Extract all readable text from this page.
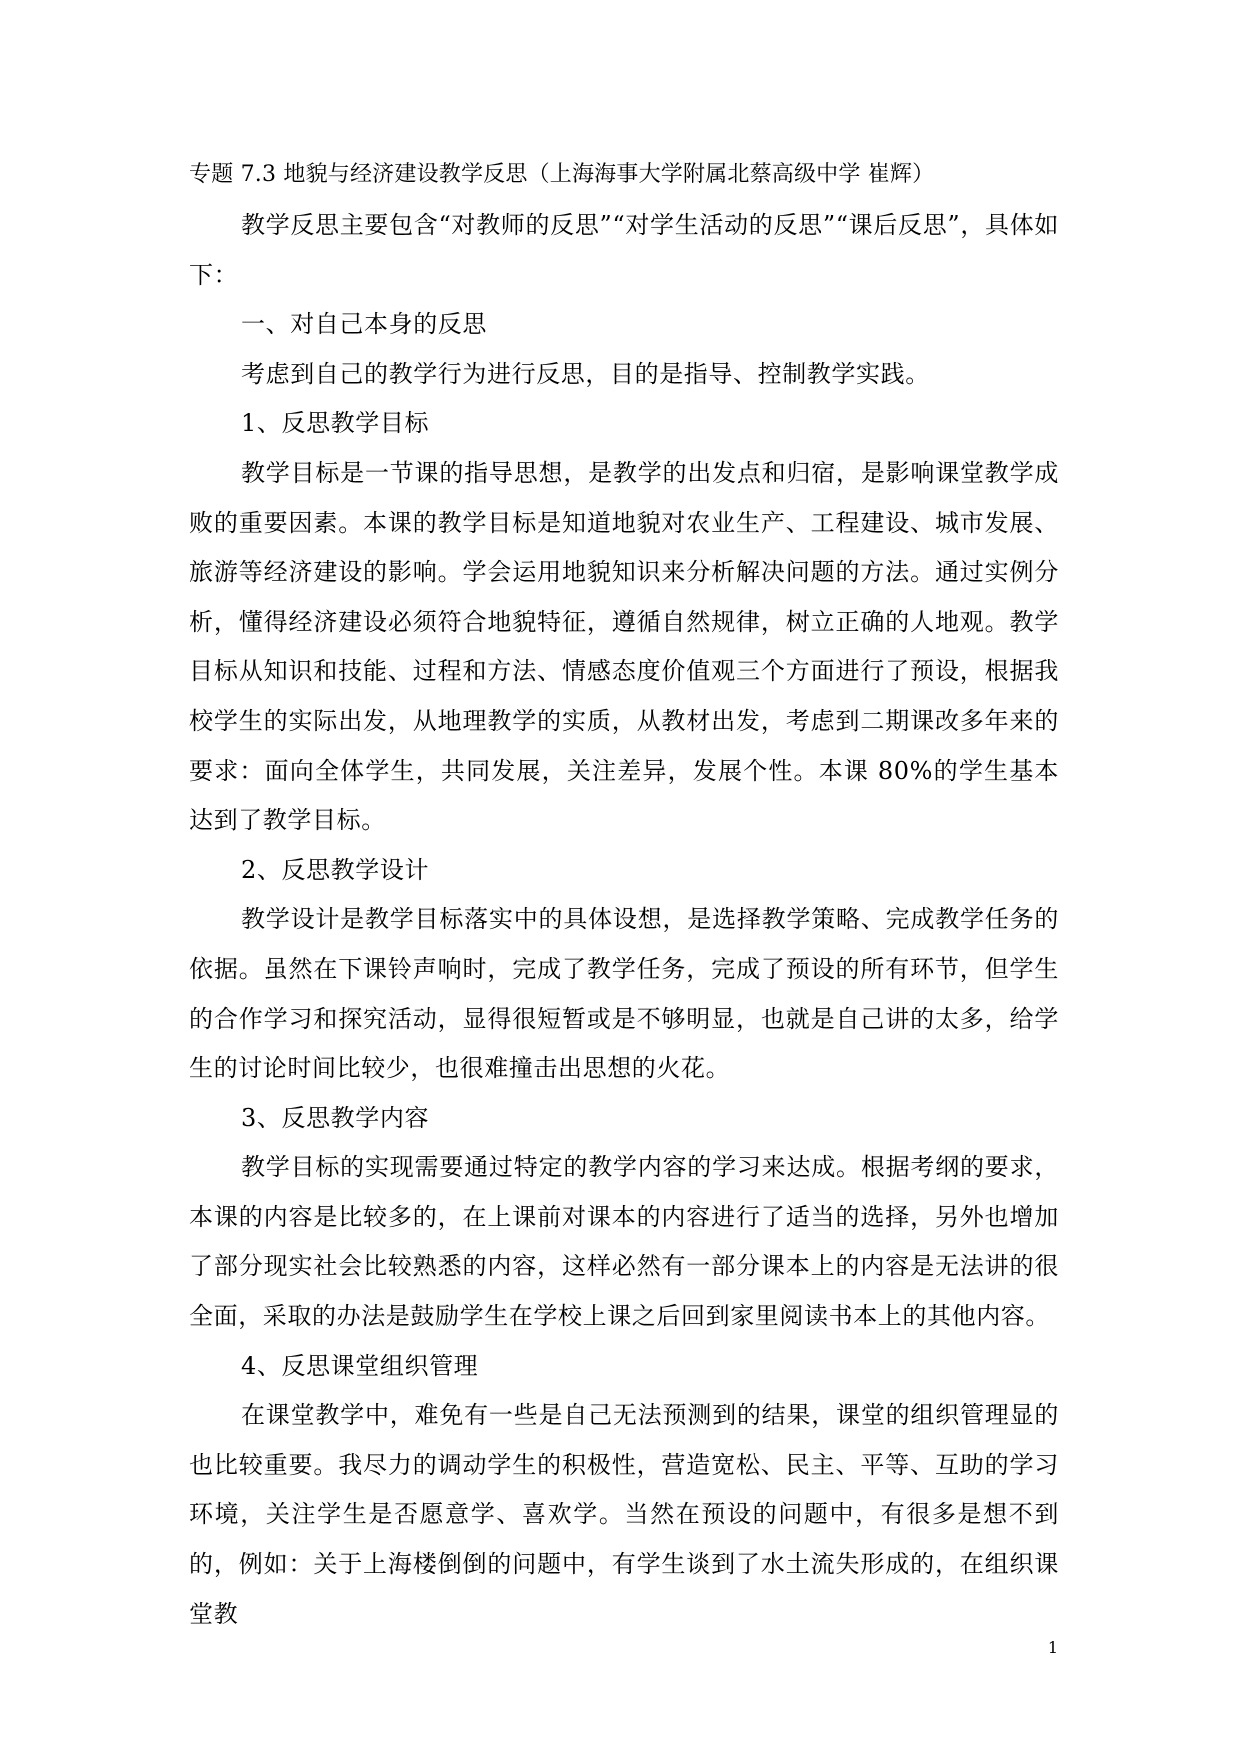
专题 7.3 地貌与经济建设教学反思（上海海事大学附属北蔡高级中学 崔辉）

教学反思主要包含“对教师的反思”“对学生活动的反思”“课后反思”，具体如下：

一、对自己本身的反思

考虑到自己的教学行为进行反思，目的是指导、控制教学实践。

1、反思教学目标

教学目标是一节课的指导思想，是教学的出发点和归宿，是影响课堂教学成败的重要因素。本课的教学目标是知道地貌对农业生产、工程建设、城市发展、旅游等经济建设的影响。学会运用地貌知识来分析解决问题的方法。通过实例分析，懂得经济建设必须符合地貌特征，遵循自然规律，树立正确的人地观。教学目标从知识和技能、过程和方法、情感态度价值观三个方面进行了预设，根据我校学生的实际出发，从地理教学的实质，从教材出发，考虑到二期课改多年来的要求：面向全体学生，共同发展，关注差异，发展个性。本课 80%的学生基本达到了教学目标。

2、反思教学设计

教学设计是教学目标落实中的具体设想，是选择教学策略、完成教学任务的依据。虽然在下课铃声响时，完成了教学任务，完成了预设的所有环节，但学生的合作学习和探究活动，显得很短暂或是不够明显，也就是自己讲的太多，给学生的讨论时间比较少，也很难撞击出思想的火花。

3、反思教学内容

教学目标的实现需要通过特定的教学内容的学习来达成。根据考纲的要求，本课的内容是比较多的，在上课前对课本的内容进行了适当的选择，另外也增加了部分现实社会比较熟悉的内容，这样必然有一部分课本上的内容是无法讲的很全面，采取的办法是鼓励学生在学校上课之后回到家里阅读书本上的其他内容。

4、反思课堂组织管理

在课堂教学中，难免有一些是自己无法预测到的结果，课堂的组织管理显的也比较重要。我尽力的调动学生的积极性，营造宽松、民主、平等、互助的学习环境，关注学生是否愿意学、喜欢学。当然在预设的问题中，有很多是想不到的，例如：关于上海楼倒倒的问题中，有学生谈到了水土流失形成的，在组织课堂教

1
